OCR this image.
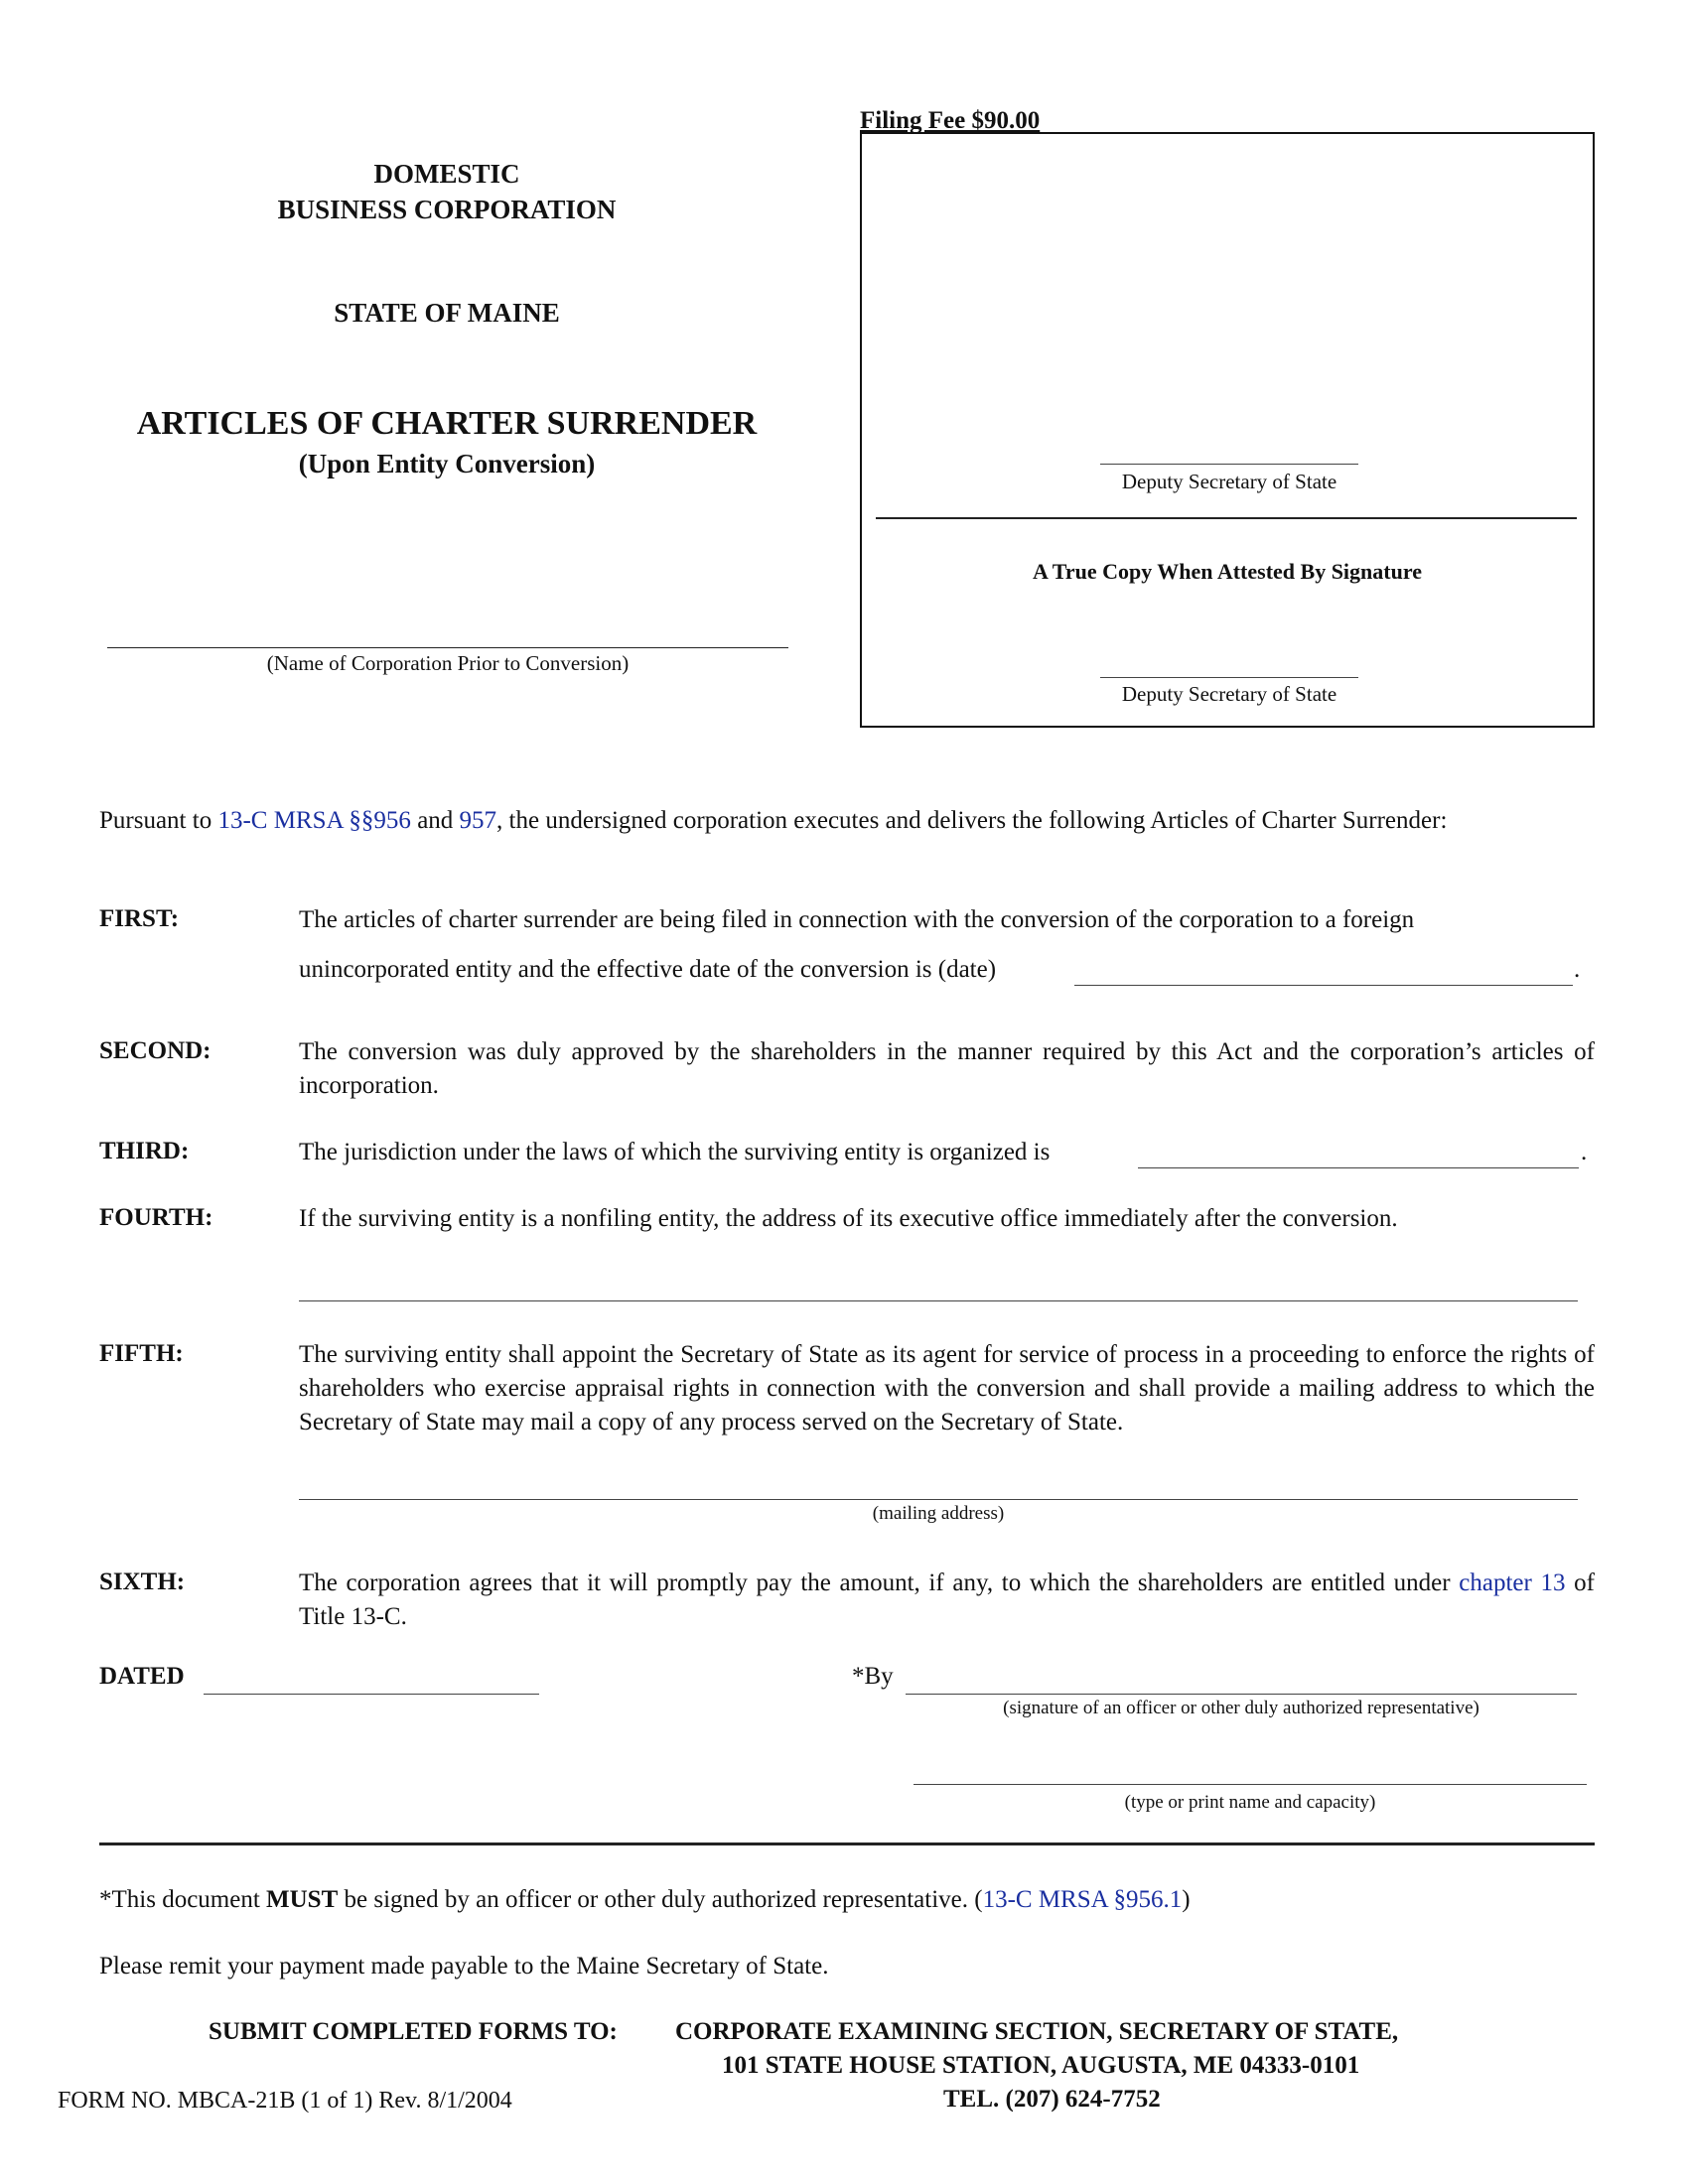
DOMESTIC
BUSINESS CORPORATION
STATE OF MAINE
ARTICLES OF CHARTER SURRENDER
(Upon Entity Conversion)
(Name of Corporation Prior to Conversion)
Filing Fee $90.00
Deputy Secretary of State
A True Copy When Attested By Signature
Deputy Secretary of State
Pursuant to 13-C MRSA §§956 and 957, the undersigned corporation executes and delivers the following Articles of Charter Surrender:
FIRST:	The articles of charter surrender are being filed in connection with the conversion of the corporation to a foreign
unincorporated entity and the effective date of the conversion is (date)	.
SECOND:	The conversion was duly approved by the shareholders in the manner required by this Act and the corporation’s articles of incorporation.
THIRD:	The jurisdiction under the laws of which the surviving entity is organized is	.
FOURTH:	If the surviving entity is a nonfiling entity, the address of its executive office immediately after the conversion.
FIFTH:	The surviving entity shall appoint the Secretary of State as its agent for service of process in a proceeding to enforce the rights of shareholders who exercise appraisal rights in connection with the conversion and shall provide a mailing address to which the Secretary of State may mail a copy of any process served on the Secretary of State.
(mailing address)
SIXTH:	The corporation agrees that it will promptly pay the amount, if any, to which the shareholders are entitled under chapter 13 of Title 13-C.
DATED	*By
(signature of an officer or other duly authorized representative)
(type or print name and capacity)
*This document MUST be signed by an officer or other duly authorized representative. (13-C MRSA §956.1)
Please remit your payment made payable to the Maine Secretary of State.
SUBMIT COMPLETED FORMS TO: CORPORATE EXAMINING SECTION, SECRETARY OF STATE,
101 STATE HOUSE STATION, AUGUSTA, ME 04333-0101
TEL. (207) 624-7752
FORM NO. MBCA-21B (1 of 1) Rev. 8/1/2004
